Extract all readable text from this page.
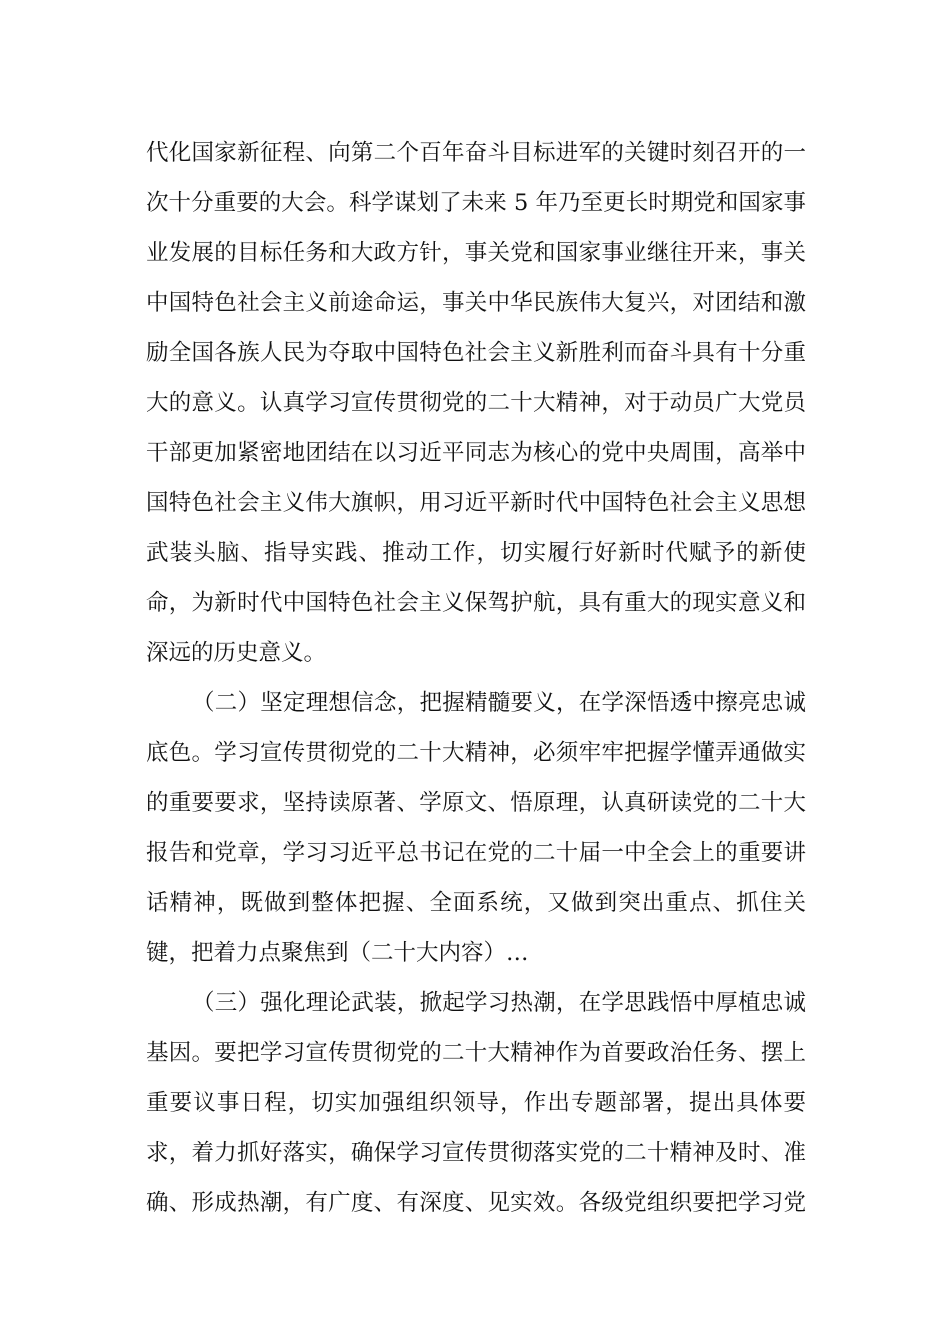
代化国家新征程、向第二个百年奋斗目标进军的关键时刻召开的一
次十分重要的大会。科学谋划了未来 5 年乃至更长时期党和国家事
业发展的目标任务和大政方针，事关党和国家事业继往开来，事关
中国特色社会主义前途命运，事关中华民族伟大复兴，对团结和激
励全国各族人民为夺取中国特色社会主义新胜利而奋斗具有十分重
大的意义。认真学习宣传贯彻党的二十大精神，对于动员广大党员
干部更加紧密地团结在以习近平同志为核心的党中央周围，高举中
国特色社会主义伟大旗帜，用习近平新时代中国特色社会主义思想
武装头脑、指导实践、推动工作，切实履行好新时代赋予的新使
命，为新时代中国特色社会主义保驾护航，具有重大的现实意义和
深远的历史意义。
（二）坚定理想信念，把握精髓要义，在学深悟透中擦亮忠诚
底色。学习宣传贯彻党的二十大精神，必须牢牢把握学懂弄通做实
的重要要求，坚持读原著、学原文、悟原理，认真研读党的二十大
报告和党章，学习习近平总书记在党的二十届一中全会上的重要讲
话精神，既做到整体把握、全面系统，又做到突出重点、抓住关
键，把着力点聚焦到（二十大内容）…
（三）强化理论武装，掀起学习热潮，在学思践悟中厚植忠诚
基因。要把学习宣传贯彻党的二十大精神作为首要政治任务、摆上
重要议事日程，切实加强组织领导，作出专题部署，提出具体要
求，着力抓好落实，确保学习宣传贯彻落实党的二十精神及时、准
确、形成热潮，有广度、有深度、见实效。各级党组织要把学习党
